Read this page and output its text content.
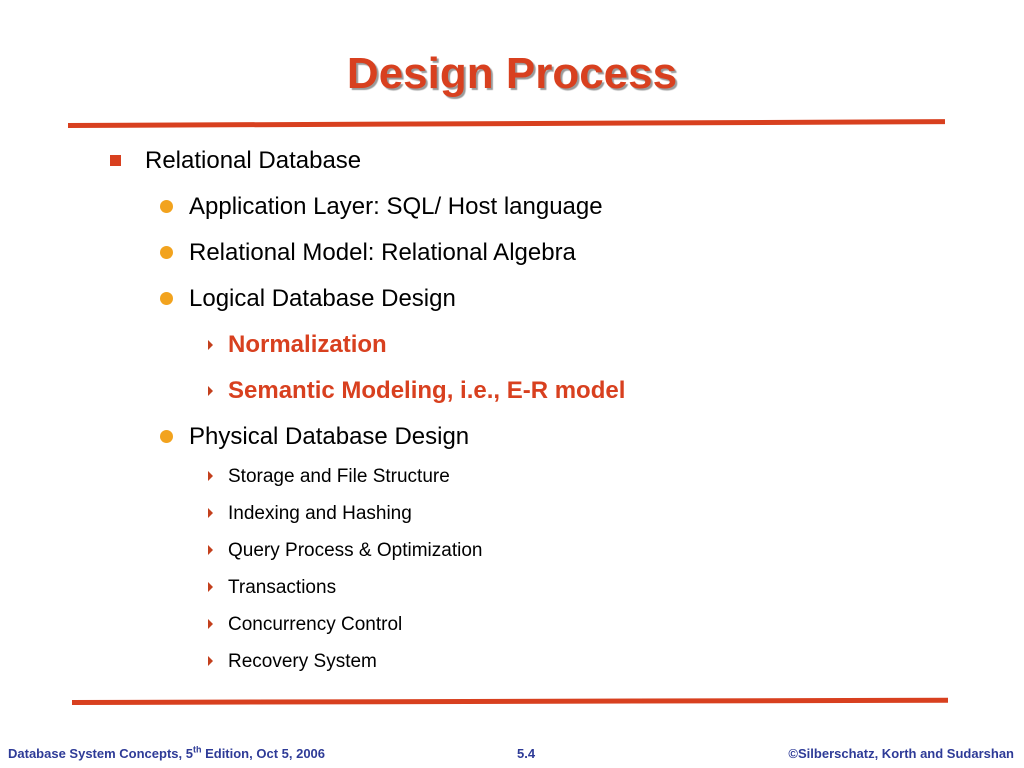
Design Process
Relational Database
Application Layer: SQL/ Host language
Relational Model: Relational Algebra
Logical Database Design
Normalization
Semantic Modeling, i.e., E-R model
Physical Database Design
Storage and File Structure
Indexing and Hashing
Query Process & Optimization
Transactions
Concurrency Control
Recovery System
Database System Concepts, 5th Edition, Oct 5, 2006	5.4	©Silberschatz, Korth and Sudarshan
